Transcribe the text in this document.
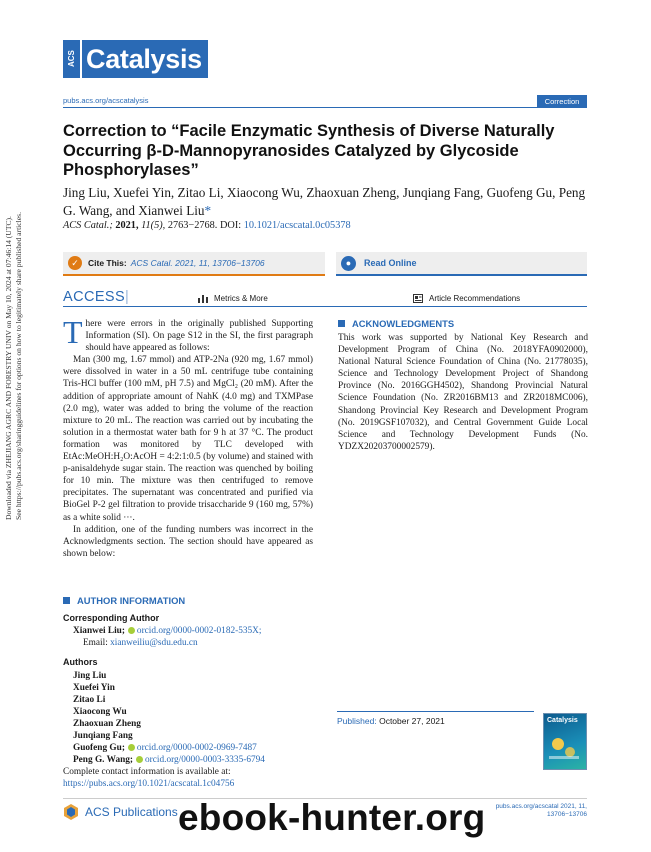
Downloaded via ZHEJIANG AGRC AND FORESTRY UNIV on May 10, 2024 at 07:46:14 (UTC). See https://pubs.acs.org/sharingguidelines for options on how to legitimately share published articles.
ACS Catalysis
pubs.acs.org/acscatalysis	Correction
Correction to “Facile Enzymatic Synthesis of Diverse Naturally Occurring β-D-Mannopyranosides Catalyzed by Glycoside Phosphorylases”
Jing Liu, Xuefei Yin, Zitao Li, Xiaocong Wu, Zhaoxuan Zheng, Junqiang Fang, Guofeng Gu, Peng G. Wang, and Xianwei Liu*
ACS Catal.; 2021, 11(5), 2763−2768. DOI: 10.1021/acscatal.0c05378
✓	Cite This: ACS Catal. 2021, 11, 13706−13706	●	Read Online
ACCESS|	Metrics & More	Article Recommendations

There were errors in the originally published Supporting Information (SI). On page S12 in the SI, the first paragraph should have appeared as follows:

Man (300 mg, 1.67 mmol) and ATP-2Na (920 mg, 1.67 mmol) were dissolved in water in a 50 mL centrifuge tube containing Tris-HCl buffer (100 mM, pH 7.5) and MgCl₂ (20 mM). After the addition of appropriate amount of NahK (4.0 mg) and TXMPase (2.0 mg), water was added to bring the volume of the reaction mixture to 20 mL. The reaction was carried out by incubating the solution in a thermostat water bath for 9 h at 37 °C. The product formation was monitored by TLC developed with EtAc:MeOH:H₂O:AcOH = 4:2:1:0.5 (by volume) and stained with p-anisaldehyde sugar stain. The reaction was quenched by boiling for 10 min. The mixture was then centrifuged to remove precipitates. The supernatant was concentrated and purified via BioGel P-2 gel filtration to provide trisaccharide 9 (160 mg, 57%) as a white solid ···.

In addition, one of the funding numbers was incorrect in the Acknowledgments section. The section should have appeared as shown below:

AUTHOR INFORMATION
Corresponding Author
Xianwei Liu; orcid.org/0000-0002-0182-535X;
Email: xianweiliu@sdu.edu.cn
Authors
Jing Liu
Xuefei Yin
Zitao Li
Xiaocong Wu
Zhaoxuan Zheng
Junqiang Fang
Guofeng Gu; orcid.org/0000-0002-0969-7487
Peng G. Wang; orcid.org/0000-0003-3335-6794
Complete contact information is available at:
https://pubs.acs.org/10.1021/acscatal.1c04756
ACKNOWLEDGMENTS
This work was supported by National Key Research and Development Program of China (No. 2018YFA0902000), National Natural Science Foundation of China (No. 21778035), Science and Technology Development Project of Shandong Province (No. 2016GGH4502), Shandong Provincial Natural Science Foundation (No. ZR2016BM13 and ZR2018MC006), Shandong Provincial Key Research and Development Program (No. 2019GSF107032), and Central Government Guide Local Science and Technology Development Funds (No. YDZX20203700002579).
Published: October 27, 2021	Catalysis
ACS Publications	pubs.acs.org/acscatal 2021, 11, 13706−13706
ebook-hunter.org
